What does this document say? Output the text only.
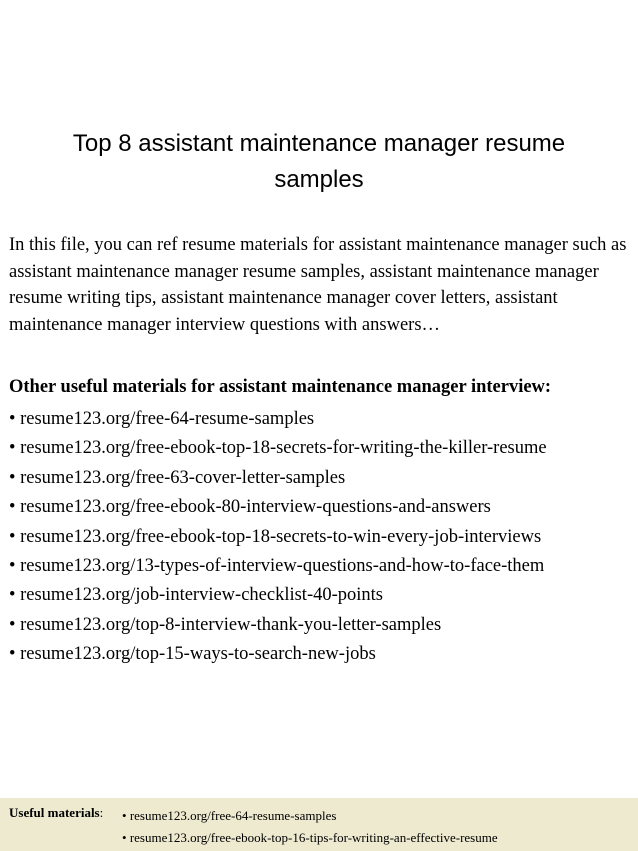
Top 8 assistant maintenance manager resume
samples

In this file, you can ref resume materials for assistant maintenance manager such as assistant maintenance manager resume samples, assistant maintenance manager resume writing tips, assistant maintenance manager cover letters, assistant maintenance manager interview questions with answers…

Other useful materials for assistant maintenance manager interview:

• resume123.org/free-64-resume-samples
• resume123.org/free-ebook-top-18-secrets-for-writing-the-killer-resume
• resume123.org/free-63-cover-letter-samples
• resume123.org/free-ebook-80-interview-questions-and-answers
• resume123.org/free-ebook-top-18-secrets-to-win-every-job-interviews
• resume123.org/13-types-of-interview-questions-and-how-to-face-them
• resume123.org/job-interview-checklist-40-points
• resume123.org/top-8-interview-thank-you-letter-samples
• resume123.org/top-15-ways-to-search-new-jobs
Useful materials: • resume123.org/free-64-resume-samples
• resume123.org/free-ebook-top-16-tips-for-writing-an-effective-resume
